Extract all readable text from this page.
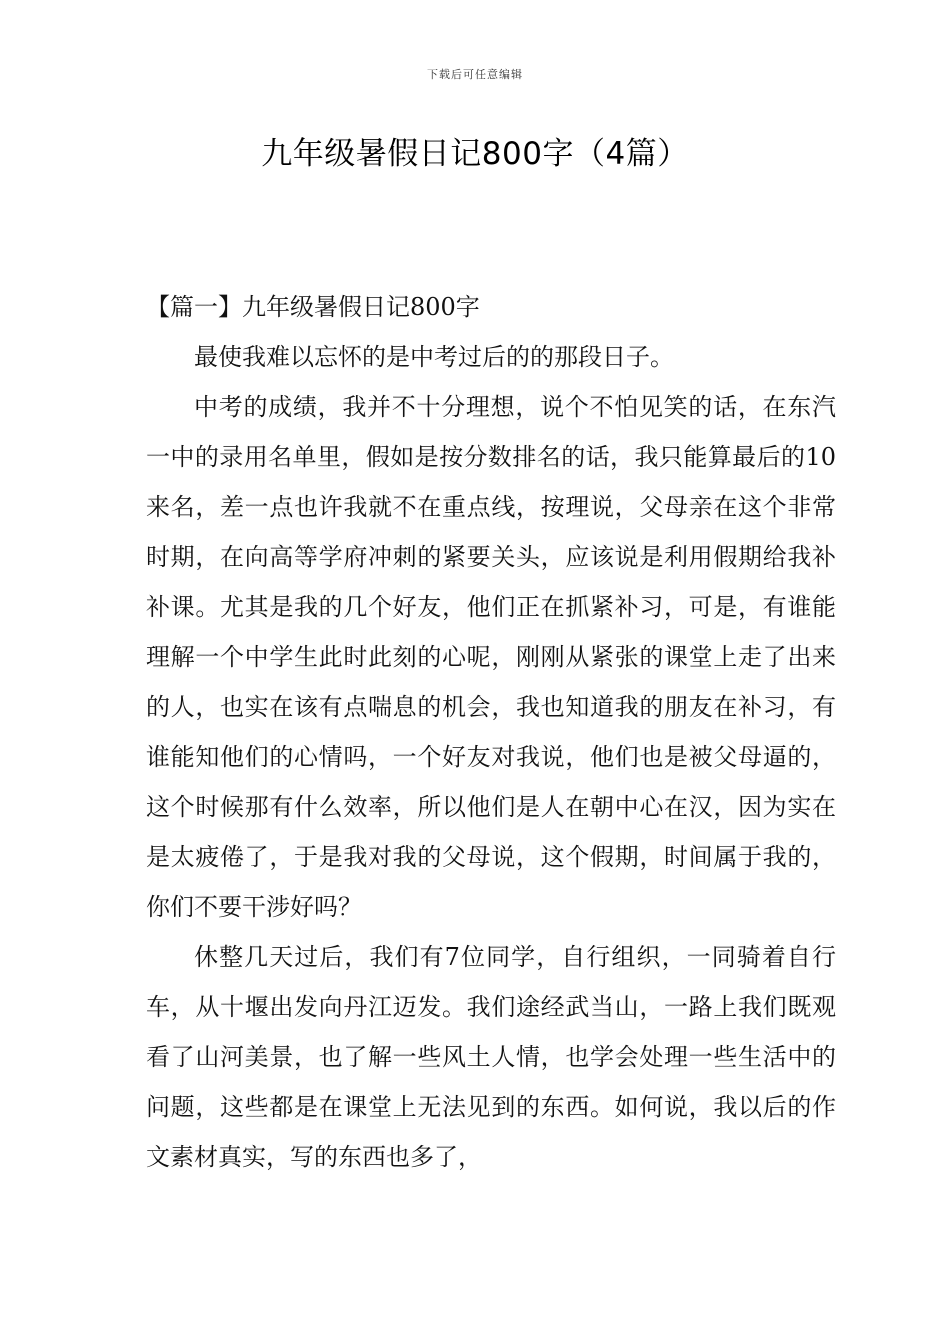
下载后可任意编辑
九年级暑假日记800字（4篇）

【篇一】九年级暑假日记800字

最使我难以忘怀的是中考过后的的那段日子。

中考的成绩，我并不十分理想，说个不怕见笑的话，在东汽一中的录用名单里，假如是按分数排名的话，我只能算最后的10来名，差一点也许我就不在重点线，按理说，父母亲在这个非常时期，在向高等学府冲刺的紧要关头，应该说是利用假期给我补补课。尤其是我的几个好友，他们正在抓紧补习，可是，有谁能理解一个中学生此时此刻的心呢，刚刚从紧张的课堂上走了出来的人，也实在该有点喘息的机会，我也知道我的朋友在补习，有谁能知他们的心情吗，一个好友对我说，他们也是被父母逼的，这个时候那有什么效率，所以他们是人在朝中心在汉，因为实在是太疲倦了，于是我对我的父母说，这个假期，时间属于我的，你们不要干涉好吗？

休整几天过后，我们有7位同学，自行组织，一同骑着自行车，从十堰出发向丹江迈发。我们途经武当山，一路上我们既观看了山河美景，也了解一些风土人情，也学会处理一些生活中的问题，这些都是在课堂上无法见到的东西。如何说，我以后的作文素材真实，写的东西也多了，
